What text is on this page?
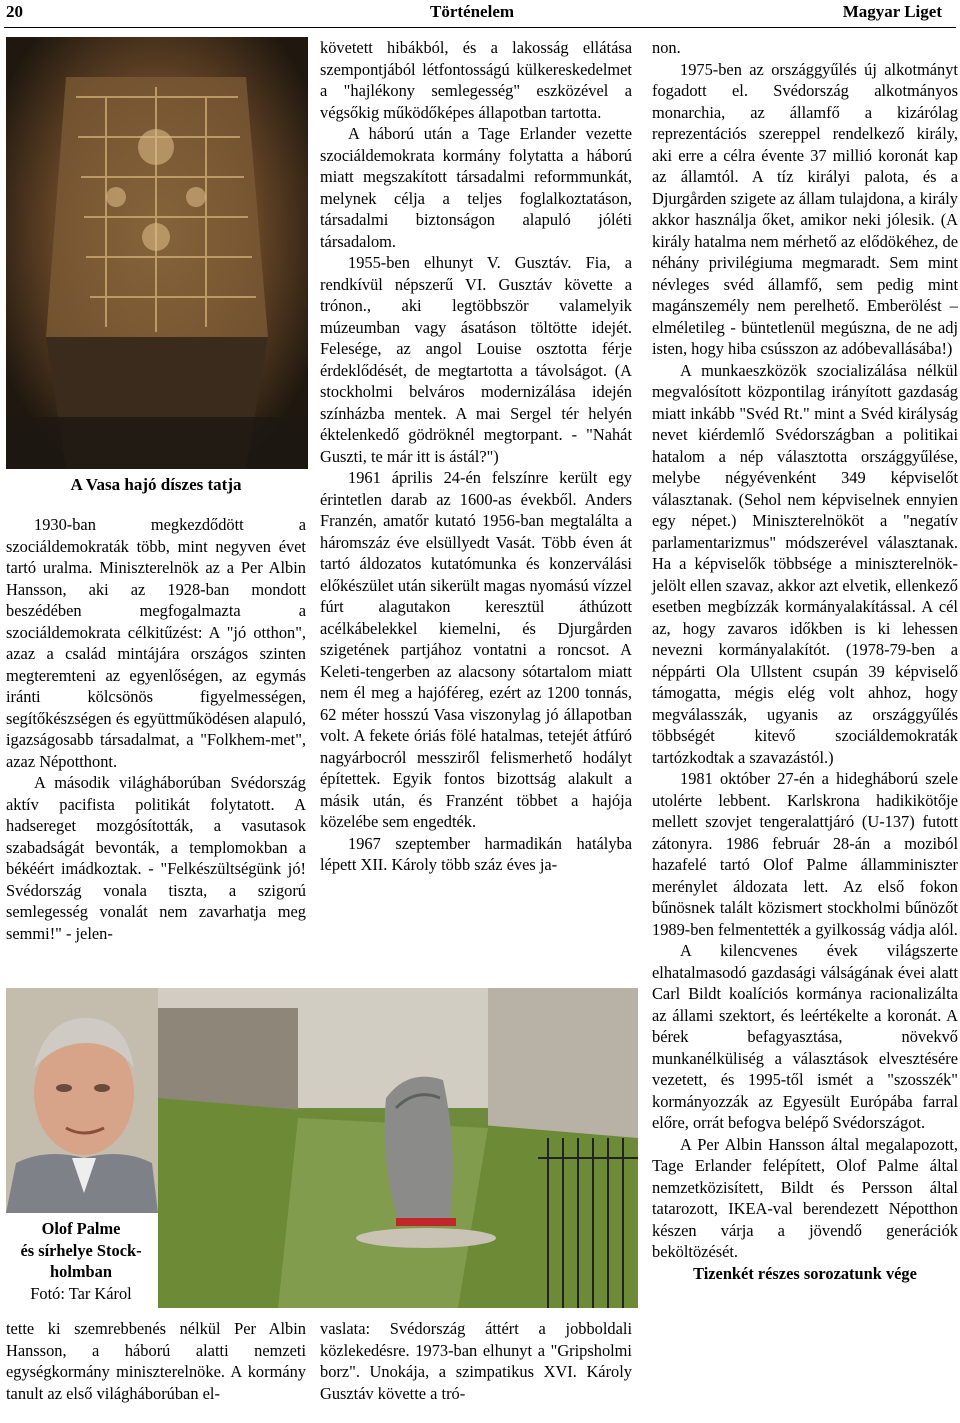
20	Történelem	Magyar Liget
A Vasa hajó díszes tatja

1930-ban megkezdődött a szociáldemokraták több, mint negyven évet tartó uralma. Miniszterelnök az a Per Albin Hansson, aki az 1928-ban mondott beszédében megfogalmazta a szociáldemokrata célkitűzést: A "jó otthon", azaz a család mintájára országos szinten megteremteni az egyenlőségen, az egymás iránti kölcsönös figyelmességen, segítőkészségen és együttműködésen alapuló, igazságosabb társadalmat, a "Folkhem-met", azaz Népotthont.

A második világháborúban Svédország aktív pacifista politikát folytatott. A hadsereget mozgósították, a vasutasok szabadságát bevonták, a templomokban a békéért imádkoztak. - "Felkészültségünk jó! Svédország vonala tiszta, a szigorú semlegesség vonalát nem zavarhatja meg semmi!" - jelen-

követett hibákból, és a lakosság ellátása szempontjából létfontosságú külkereskedelmet a "hajlékony semlegesség" eszközével a végsőkig működőképes állapotban tartotta.

A háború után a Tage Erlander vezette szociáldemokrata kormány folytatta a háború miatt megszakított társadalmi reformmunkát, melynek célja a teljes foglalkoztatáson, társadalmi biztonságon alapuló jóléti társadalom.

1955-ben elhunyt V. Gusztáv. Fia, a rendkívül népszerű VI. Gusztáv követte a trónon., aki legtöbbször valamelyik múzeumban vagy ásatáson töltötte idejét. Felesége, az angol Louise osztotta férje érdeklődését, de megtartotta a távolságot. (A stockholmi belváros modernizálása idején színházba mentek. A mai Sergel tér helyén éktelenkedő gödröknél megtorpant. - "Nahát Guszti, te már itt is ástál?")

1961 április 24-én felszínre került egy érintetlen darab az 1600-as évekből. Anders Franzén, amatőr kutató 1956-ban megtalálta a háromszáz éve elsüllyedt Vasát. Több éven át tartó áldozatos kutatómunka és konzerválási előkészület után sikerült magas nyomású vízzel fúrt alagutakon keresztül áthúzott acélkábelekkel kiemelni, és Djurgården szigetének partjához vontatni a roncsot. A Keleti-tengerben az alacsony sótartalom miatt nem él meg a hajóféreg, ezért az 1200 tonnás, 62 méter hosszú Vasa viszonylag jó állapotban volt. A fekete óriás fölé hatalmas, tetejét átfúró nagyárbocról messziről felismerhető hodályt építettek. Egyik fontos bizottság alakult a másik után, és Franzént többet a hajója közelébe sem engedték.

1967 szeptember harmadikán hatályba lépett XII. Károly több száz éves ja-

non.

1975-ben az országgyűlés új alkotmányt fogadott el. Svédország alkotmányos monarchia, az államfő a kizárólag reprezentációs szereppel rendelkező király, aki erre a célra évente 37 millió koronát kap az államtól. A tíz királyi palota, és a Djurgården szigete az állam tulajdona, a király akkor használja őket, amikor neki jólesik. (A király hatalma nem mérhető az elődökéhez, de néhány privilégiuma megmaradt. Sem mint névleges svéd államfő, sem pedig mint magánszemély nem perelhető. Emberölést – elméletileg - büntetlenül megúszna, de ne adj isten, hogy hiba csússzon az adóbevallásába!)

A munkaeszközök szocializálása nélkül megvalósított központilag irányított gazdaság miatt inkább "Svéd Rt." mint a Svéd királyság nevet kiérdemlő Svédországban a politikai hatalom a nép választotta országgyűlése, melybe négyévenként 349 képviselőt választanak. (Sehol nem képviselnek ennyien egy népet.) Miniszterelnököt a "negatív parlamentarizmus" módszerével választanak. Ha a képviselők többsége a miniszterelnök-jelölt ellen szavaz, akkor azt elvetik, ellenkező esetben megbízzák kormányalakítással. A cél az, hogy zavaros időkben is ki lehessen nevezni kormányalakítót. (1978-79-ben a néppárti Ola Ullstent csupán 39 képviselő támogatta, mégis elég volt ahhoz, hogy megválasszák, ugyanis az országgyűlés többségét kitevő szociáldemokraták tartózkodtak a szavazástól.)

1981 október 27-én a hidegháború szele utolérte lebbent. Karlskrona hadikikötője mellett szovjet tengeralattjáró (U-137) futott zátonyra. 1986 február 28-án a moziból hazafelé tartó Olof Palme államminiszter merénylet áldozata lett. Az első fokon bűnösnek talált közismert stockholmi bűnözőt 1989-ben felmentették a gyilkosság vádja alól.

A kilencvenes évek világszerte elhatalmasodó gazdasági válságának évei alatt Carl Bildt koalíciós kormánya racionalizálta az állami szektort, és leértékelte a koronát. A bérek befagyasztása, növekvő munkanélküliség a választások elvesztésére vezetett, és 1995-től ismét a "szosszék" kormányozzák az Egyesült Európába farral előre, orrát befogva belépő Svédországot.

A Per Albin Hansson által megalapozott, Tage Erlander felépített, Olof Palme által nemzetközisített, Bildt és Persson által tatarozott, IKEA-val berendezett Népotthon készen várja a jövendő generációk beköltözését.

Tizenkét részes sorozatunk vége

Olof Palme
és sírhelye Stock-
holmban
Fotó: Tar Károl

tette ki szemrebbenés nélkül Per Albin Hansson, a háború alatti nemzeti egységkormány miniszterelnöke. A kormány tanult az első világháborúban el-

vaslata: Svédország áttért a jobboldali közlekedésre. 1973-ban elhunyt a "Gripsholmi borz". Unokája, a szimpatikus XVI. Károly Gusztáv követte a tró-
